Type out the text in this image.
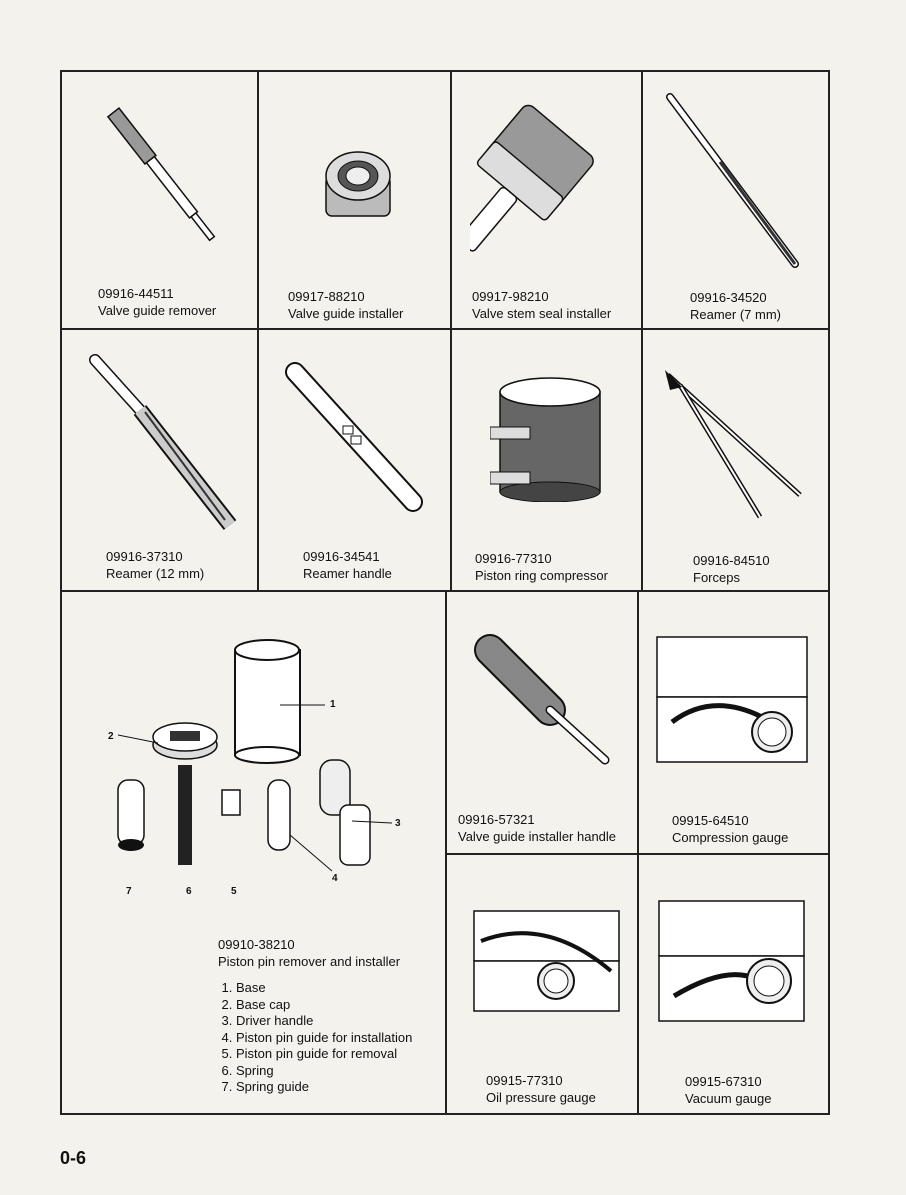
09916-44511
Valve guide remover
09917-88210
Valve guide installer
09917-98210
Valve stem seal installer
09916-34520
Reamer (7 mm)
09916-37310
Reamer (12 mm)
09916-34541
Reamer handle
09916-77310
Piston ring compressor
09916-84510
Forceps
1
2
3
4
5
6
7
09910-38210
Piston pin remover and installer
1. Base
2. Base cap
3. Driver handle
4. Piston pin guide for installation
5. Piston pin guide for removal
6. Spring
7. Spring guide
09916-57321
Valve guide installer handle
09915-64510
Compression gauge
09915-77310
Oil pressure gauge
09915-67310
Vacuum gauge
0-6
